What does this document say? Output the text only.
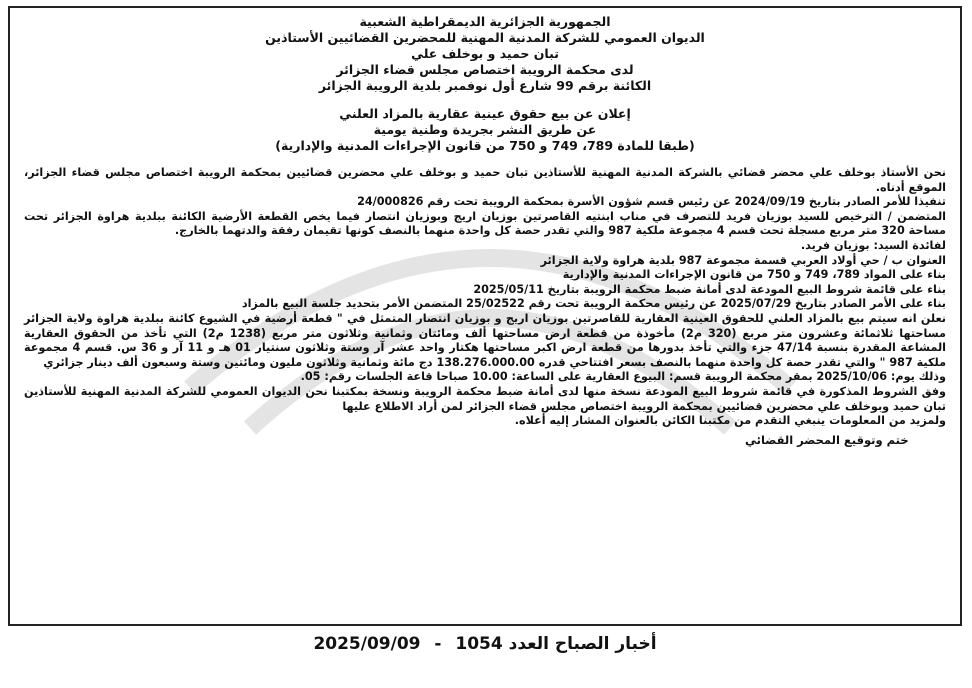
الجمهورية الجزائرية الديمقراطية الشعبية
الديوان العمومي للشركة المدنية المهنية للمحضرين القضائيين الأستاذين
تبان حميد و بوخلف علي
لدى محكمة الرويبة اختصاص مجلس قضاء الجزائر
الكائنة برقم 99 شارع أول نوفمبر بلدية الرويبة الجزائر
إعلان عن بيع حقوق عينية عقارية بالمزاد العلني
عن طريق النشر بجريدة وطنية يومية
(طبقا للمادة 789، 749 و 750 من قانون الإجراءات المدنية والإدارية)

نحن الأستاذ بوخلف علي محضر قضائي بالشركة المدنية المهنية للأستاذين تبان حميد و بوخلف علي محضرين قضائيين بمحكمة الرويبة اختصاص مجلس قضاء الجزائر، الموقع أدناه.

تنفيذا للأمر الصادر بتاريخ 2024/09/19 عن رئيس قسم شؤون الأسرة بمحكمة الرويبة تحت رقم 24/000826

المتضمن / الترخيص للسيد بوزيان فريد للتصرف في مناب ابنتيه القاصرتين بوزيان اريج وبوزيان انتصار فيما يخص القطعة الأرضية الكائنة ببلدية هراوة الجزائر تحت مساحة 320 متر مربع مسجلة تحت قسم 4 مجموعة ملكية 987 والتي تقدر حصة كل واحدة منهما بالنصف كونها تقيمان رفقة والدتهما بالخارج.

لفائدة السيد: بوزيان فريد.

العنوان ب / حي أولاد العربي قسمة مجموعة 987 بلدية هراوة ولاية الجزائر

بناء على المواد 789، 749 و 750 من قانون الإجراءات المدنية والإدارية

بناء على قائمة شروط البيع المودعة لدى أمانة ضبط محكمة الرويبة بتاريخ 2025/05/11

بناء على الأمر الصادر بتاريخ 2025/07/29 عن رئيس محكمة الرويبة تحت رقم 25/02522 المتضمن الأمر بتحديد جلسة البيع بالمزاد

نعلن انه سيتم بيع بالمزاد العلني للحقوق العينية العقارية للقاصرتين بوزيان اريج و بوزيان انتصار المتمثل في " قطعة أرضية في الشيوع كائنة ببلدية هراوة ولاية الجزائر مساحتها ثلاثمائة وعشرون متر مربع (320 م2) مأخوذة من قطعة ارض مساحتها ألف ومائتان وثمانية وثلاثون متر مربع (1238 م2) التي تأخذ من الحقوق العقارية المشاعة المقدرة بنسبة 47/14 جزء والتي تأخذ بدورها من قطعة ارض اكبر مساحتها هكتار واحد عشر آر وستة وثلاثون سنتيار 01 هـ و 11 آر و 36 س. قسم 4 مجموعة ملكية 987 " والتي تقدر حصة كل واحدة منهما بالنصف بسعر افتتاحي قدره 138.276.000.00 دج مائة وثمانية وثلاثون مليون ومائتين وستة وسبعون ألف دينار جزائري

وذلك يوم: 2025/10/06 بمقر محكمة الرويبة قسم: البيوع العقارية على الساعة: 10.00 صباحا قاعة الجلسات رقم: 05.

وفق الشروط المذكورة في قائمة شروط البيع المودعة نسخة منها لدى أمانة ضبط محكمة الرويبة ونسخة بمكتبنا نحن الديوان العمومي للشركة المدنية المهنية للأستاذين تبان حميد وبوخلف علي محضرين قضائيين بمحكمة الرويبة اختصاص مجلس قضاء الجزائر لمن أراد الاطلاع عليها

ولمزيد من المعلومات ينبغي التقدم من مكتبنا الكائن بالعنوان المشار إليه أعلاه.

ختم وتوقيع المحضر القضائي
أخبار الصباح العدد 1054 - 2025/09/09
